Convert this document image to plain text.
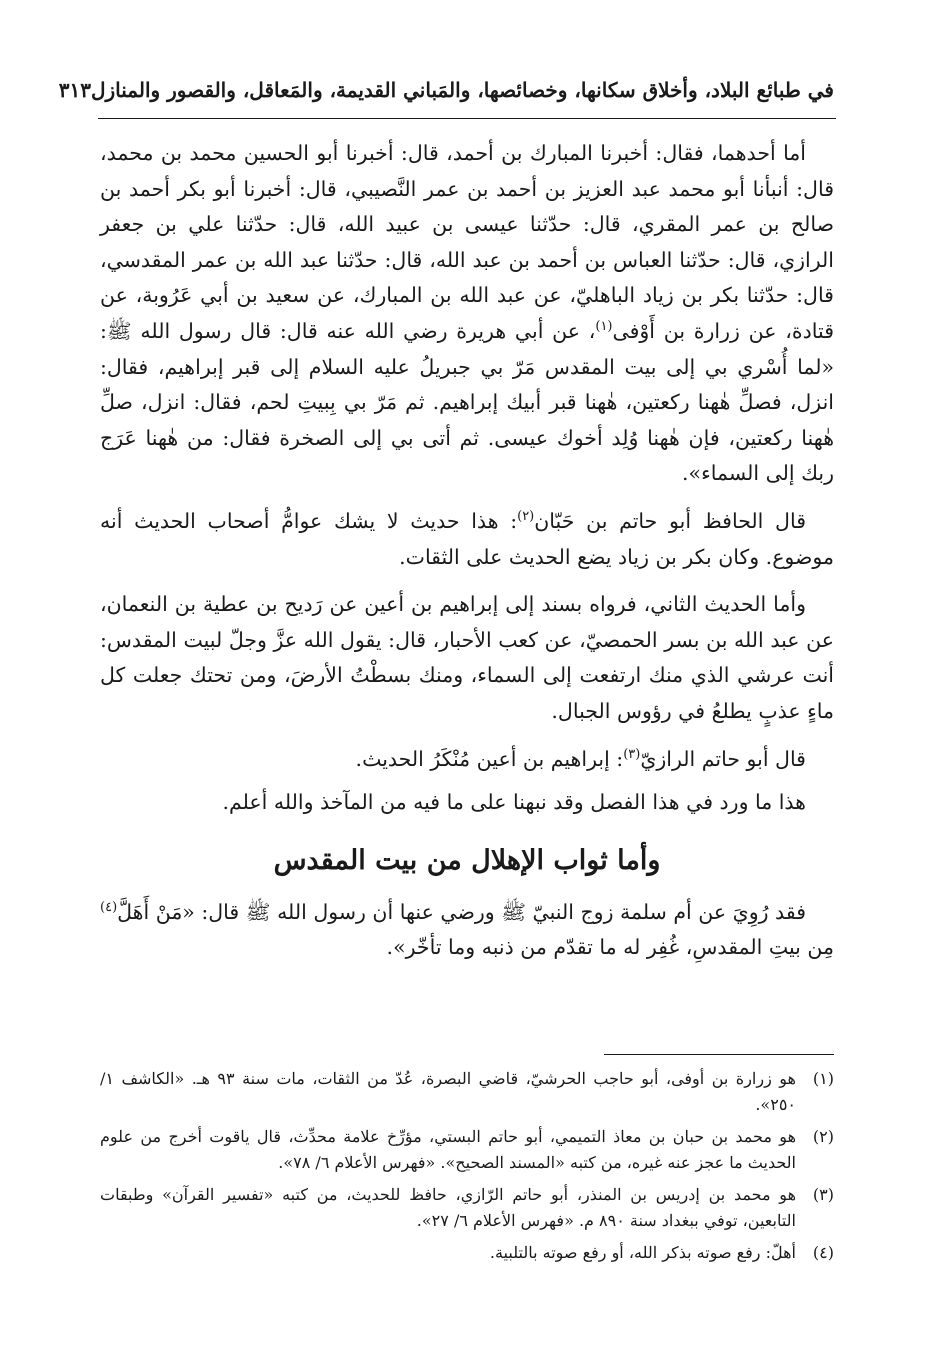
في طبائع البلاد، وأخلاق سكانها، وخصائصها، والمَباني القديمة، والمَعاقل، والقصور والمنازل
٣١٣

أما أحدهما، فقال: أخبرنا المبارك بن أحمد، قال: أخبرنا أبو الحسين محمد بن محمد، قال: أنبأنا أبو محمد عبد العزيز بن أحمد بن عمر النَّصيبي، قال: أخبرنا أبو بكر أحمد بن صالح بن عمر المقري، قال: حدّثنا عيسى بن عبيد الله، قال: حدّثنا علي بن جعفر الرازي، قال: حدّثنا العباس بن أحمد بن عبد الله، قال: حدّثنا عبد الله بن عمر المقدسي، قال: حدّثنا بكر بن زياد الباهليّ، عن عبد الله بن المبارك، عن سعيد بن أبي عَرُوبة، عن قتادة، عن زرارة بن أَوْفى$^{(١)}$، عن أبي هريرة رضي الله عنه قال: قال رسول الله ﷺ: «لما أُسْري بي إلى بيت المقدس مَرّ بي جبريلُ عليه السلام إلى قبر إبراهيم، فقال: انزل، فصلِّ هٰهنا ركعتين، هٰهنا قبر أبيك إبراهيم. ثم مَرّ بي بِبيتِ لحم، فقال: انزل، صلِّ هٰهنا ركعتين، فإن هٰهنا وُلِد أخوك عيسى. ثم أتى بي إلى الصخرة فقال: من هٰهنا عَرَج ربك إلى السماء».

قال الحافظ أبو حاتم بن حَبّان$^{(٢)}$: هذا حديث لا يشك عوامُّ أصحاب الحديث أنه موضوع. وكان بكر بن زياد يضع الحديث على الثقات.

وأما الحديث الثاني، فرواه بسند إلى إبراهيم بن أعين عن رَديح بن عطية بن النعمان، عن عبد الله بن بسر الحمصيّ، عن كعب الأحبار، قال: يقول الله عزَّ وجلّ لبيت المقدس: أنت عرشي الذي منك ارتفعت إلى السماء، ومنك بسطْتُ الأرضَ، ومن تحتك جعلت كل ماءٍ عذبٍ يطلعُ في رؤوس الجبال.

قال أبو حاتم الرازيّ$^{(٣)}$: إبراهيم بن أعين مُنْكَرُ الحديث.

هذا ما ورد في هذا الفصل وقد نبهنا على ما فيه من المآخذ والله أعلم.

وأما ثواب الإهلال من بيت المقدس

فقد رُوِيَ عن أم سلمة زوج النبيّ ﷺ ورضي عنها أن رسول الله ﷺ قال: «مَنْ أَهَلَّ$^{(٤)}$ مِن بيتِ المقدسِ، غُفِر له ما تقدّم من ذنبه وما تأخّر».

(١)
هو زرارة بن أوفى، أبو حاجب الحرشيّ، قاضي البصرة، عُدّ من الثقات، مات سنة ٩٣ هـ. «الكاشف ١/ ٢٥٠».
(٢)
هو محمد بن حبان بن معاذ التميمي، أبو حاتم البستي، مؤرِّخ علامة محدِّث، قال ياقوت أخرج من علوم الحديث ما عجز عنه غيره، من كتبه «المسند الصحيح». «فهرس الأعلام ٦/ ٧٨».
(٣)
هو محمد بن إدريس بن المنذر، أبو حاتم الرّازي، حافظ للحديث، من كتبه «تفسير القرآن» وطبقات التابعين، توفي ببغداد سنة ٨٩٠ م. «فهرس الأعلام ٦/ ٢٧».
(٤)
أهلّ: رفع صوته بذكر الله، أو رفع صوته بالتلبية.
